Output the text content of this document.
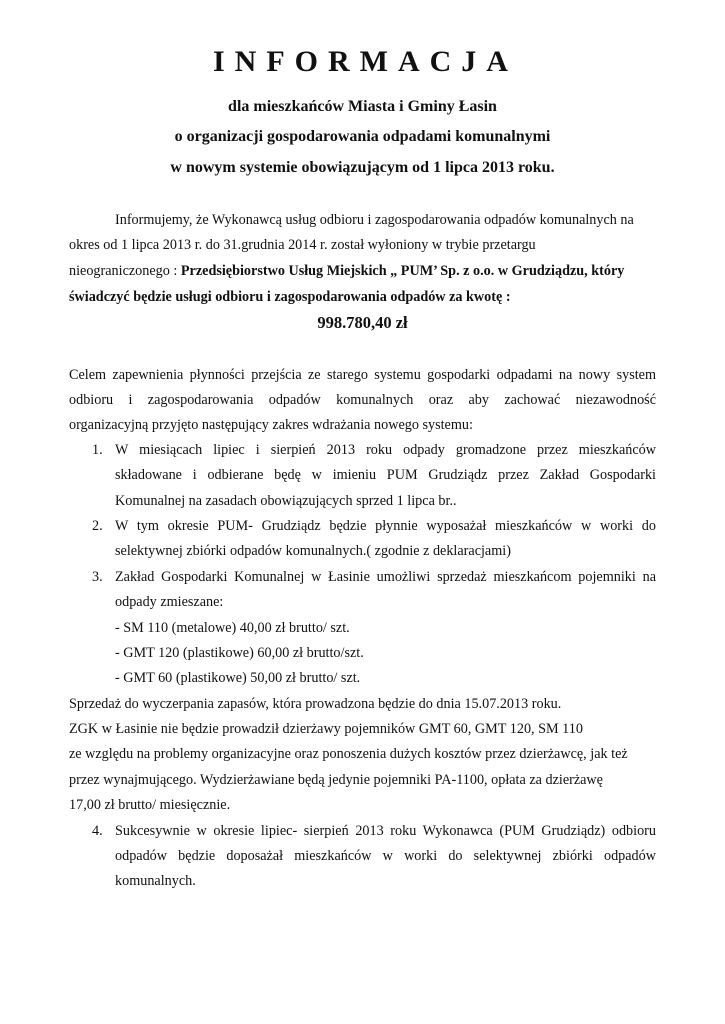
INFORMACJA
dla mieszkańców Miasta i Gminy Łasin
o organizacji gospodarowania odpadami komunalnymi
w nowym systemie obowiązującym od 1 lipca 2013 roku.
Informujemy, że Wykonawcą usług odbioru i zagospodarowania odpadów komunalnych na
okres od 1 lipca 2013 r. do 31.grudnia 2014 r. został wyłoniony w trybie przetargu
nieograniczonego : Przedsiębiorstwo Usług Miejskich „ PUM’ Sp. z o.o. w Grudziądzu, który
świadczyć będzie usługi odbioru i zagospodarowania odpadów za kwotę :
998.780,40 zł
Celem zapewnienia płynności przejścia ze starego systemu gospodarki odpadami na nowy system
odbioru i zagospodarowania odpadów komunalnych oraz aby zachować niezawodność
organizacyjną przyjęto następujący zakres wdrażania nowego systemu:
1. W miesiącach lipiec i sierpień 2013 roku odpady gromadzone przez mieszkańców
składowane i odbierane będę w imieniu PUM Grudziądz przez Zakład Gospodarki
Komunalnej na zasadach obowiązujących sprzed 1 lipca br..
2. W tym okresie PUM- Grudziądz będzie płynnie wyposażał mieszkańców w worki do
selektywnej zbiórki odpadów komunalnych.( zgodnie z deklaracjami)
3. Zakład Gospodarki Komunalnej w Łasinie umożliwi sprzedaż mieszkańcom pojemniki na
odpady zmieszane:
- SM 110 (metalowe) 40,00 zł brutto/ szt.
- GMT 120 (plastikowe) 60,00 zł brutto/szt.
- GMT 60 (plastikowe) 50,00 zł brutto/ szt.
Sprzedaż do wyczerpania zapasów, która prowadzona będzie do dnia 15.07.2013 roku.
ZGK w Łasinie nie będzie prowadził dzierżawy pojemników GMT 60, GMT 120, SM 110
ze względu na problemy organizacyjne oraz ponoszenia dużych kosztów przez dzierżawcę, jak też
przez wynajmującego. Wydzierżawiane będą jedynie pojemniki PA-1100, opłata za dzierżawę
17,00 zł brutto/ miesięcznie.
4. Sukcesywnie w okresie lipiec- sierpień 2013 roku Wykonawca (PUM Grudziądz) odbioru
odpadów będzie doposażał mieszkańców w worki do selektywnej zbiórki odpadów
komunalnych.
